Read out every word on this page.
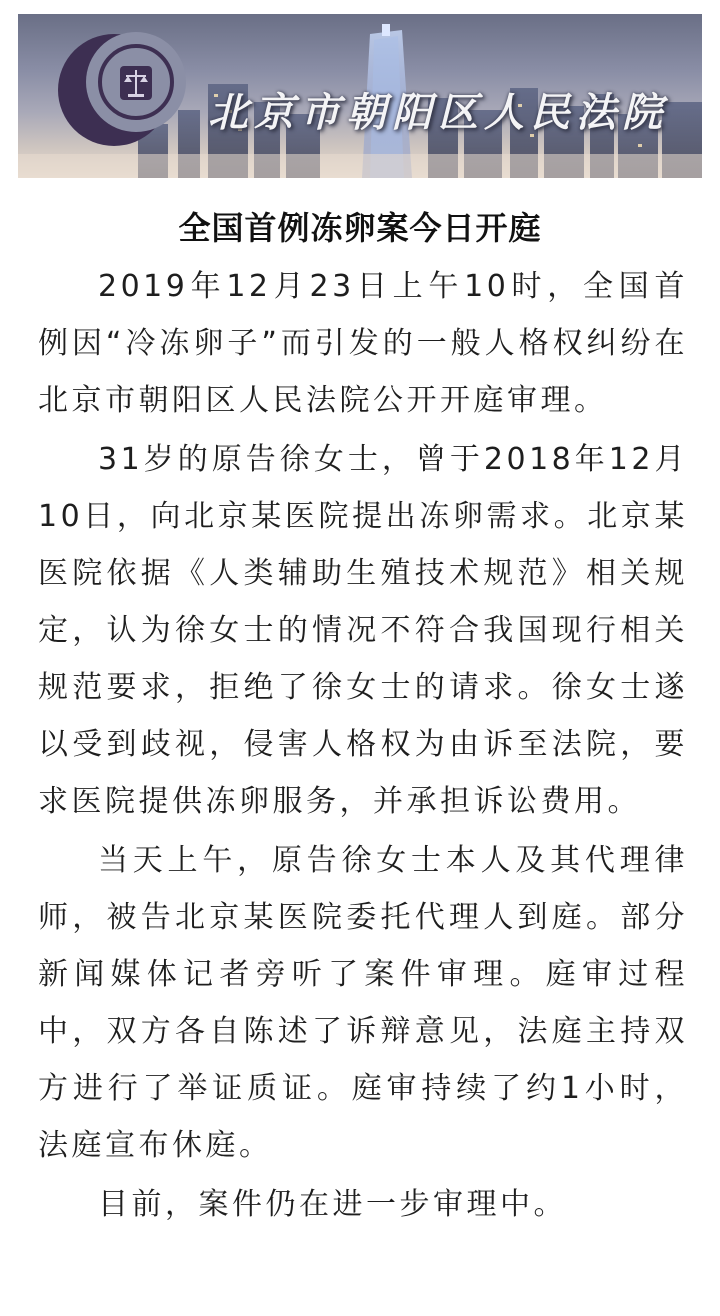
北京市朝阳区人民法院
全国首例冻卵案今日开庭

2019年12月23日上午10时，全国首例因“冷冻卵子”而引发的一般人格权纠纷在北京市朝阳区人民法院公开开庭审理。

31岁的原告徐女士，曾于2018年12月10日，向北京某医院提出冻卵需求。北京某医院依据《人类辅助生殖技术规范》相关规定，认为徐女士的情况不符合我国现行相关规范要求，拒绝了徐女士的请求。徐女士遂以受到歧视，侵害人格权为由诉至法院，要求医院提供冻卵服务，并承担诉讼费用。

当天上午，原告徐女士本人及其代理律师，被告北京某医院委托代理人到庭。部分新闻媒体记者旁听了案件审理。庭审过程中，双方各自陈述了诉辩意见，法庭主持双方进行了举证质证。庭审持续了约1小时，法庭宣布休庭。

目前，案件仍在进一步审理中。
